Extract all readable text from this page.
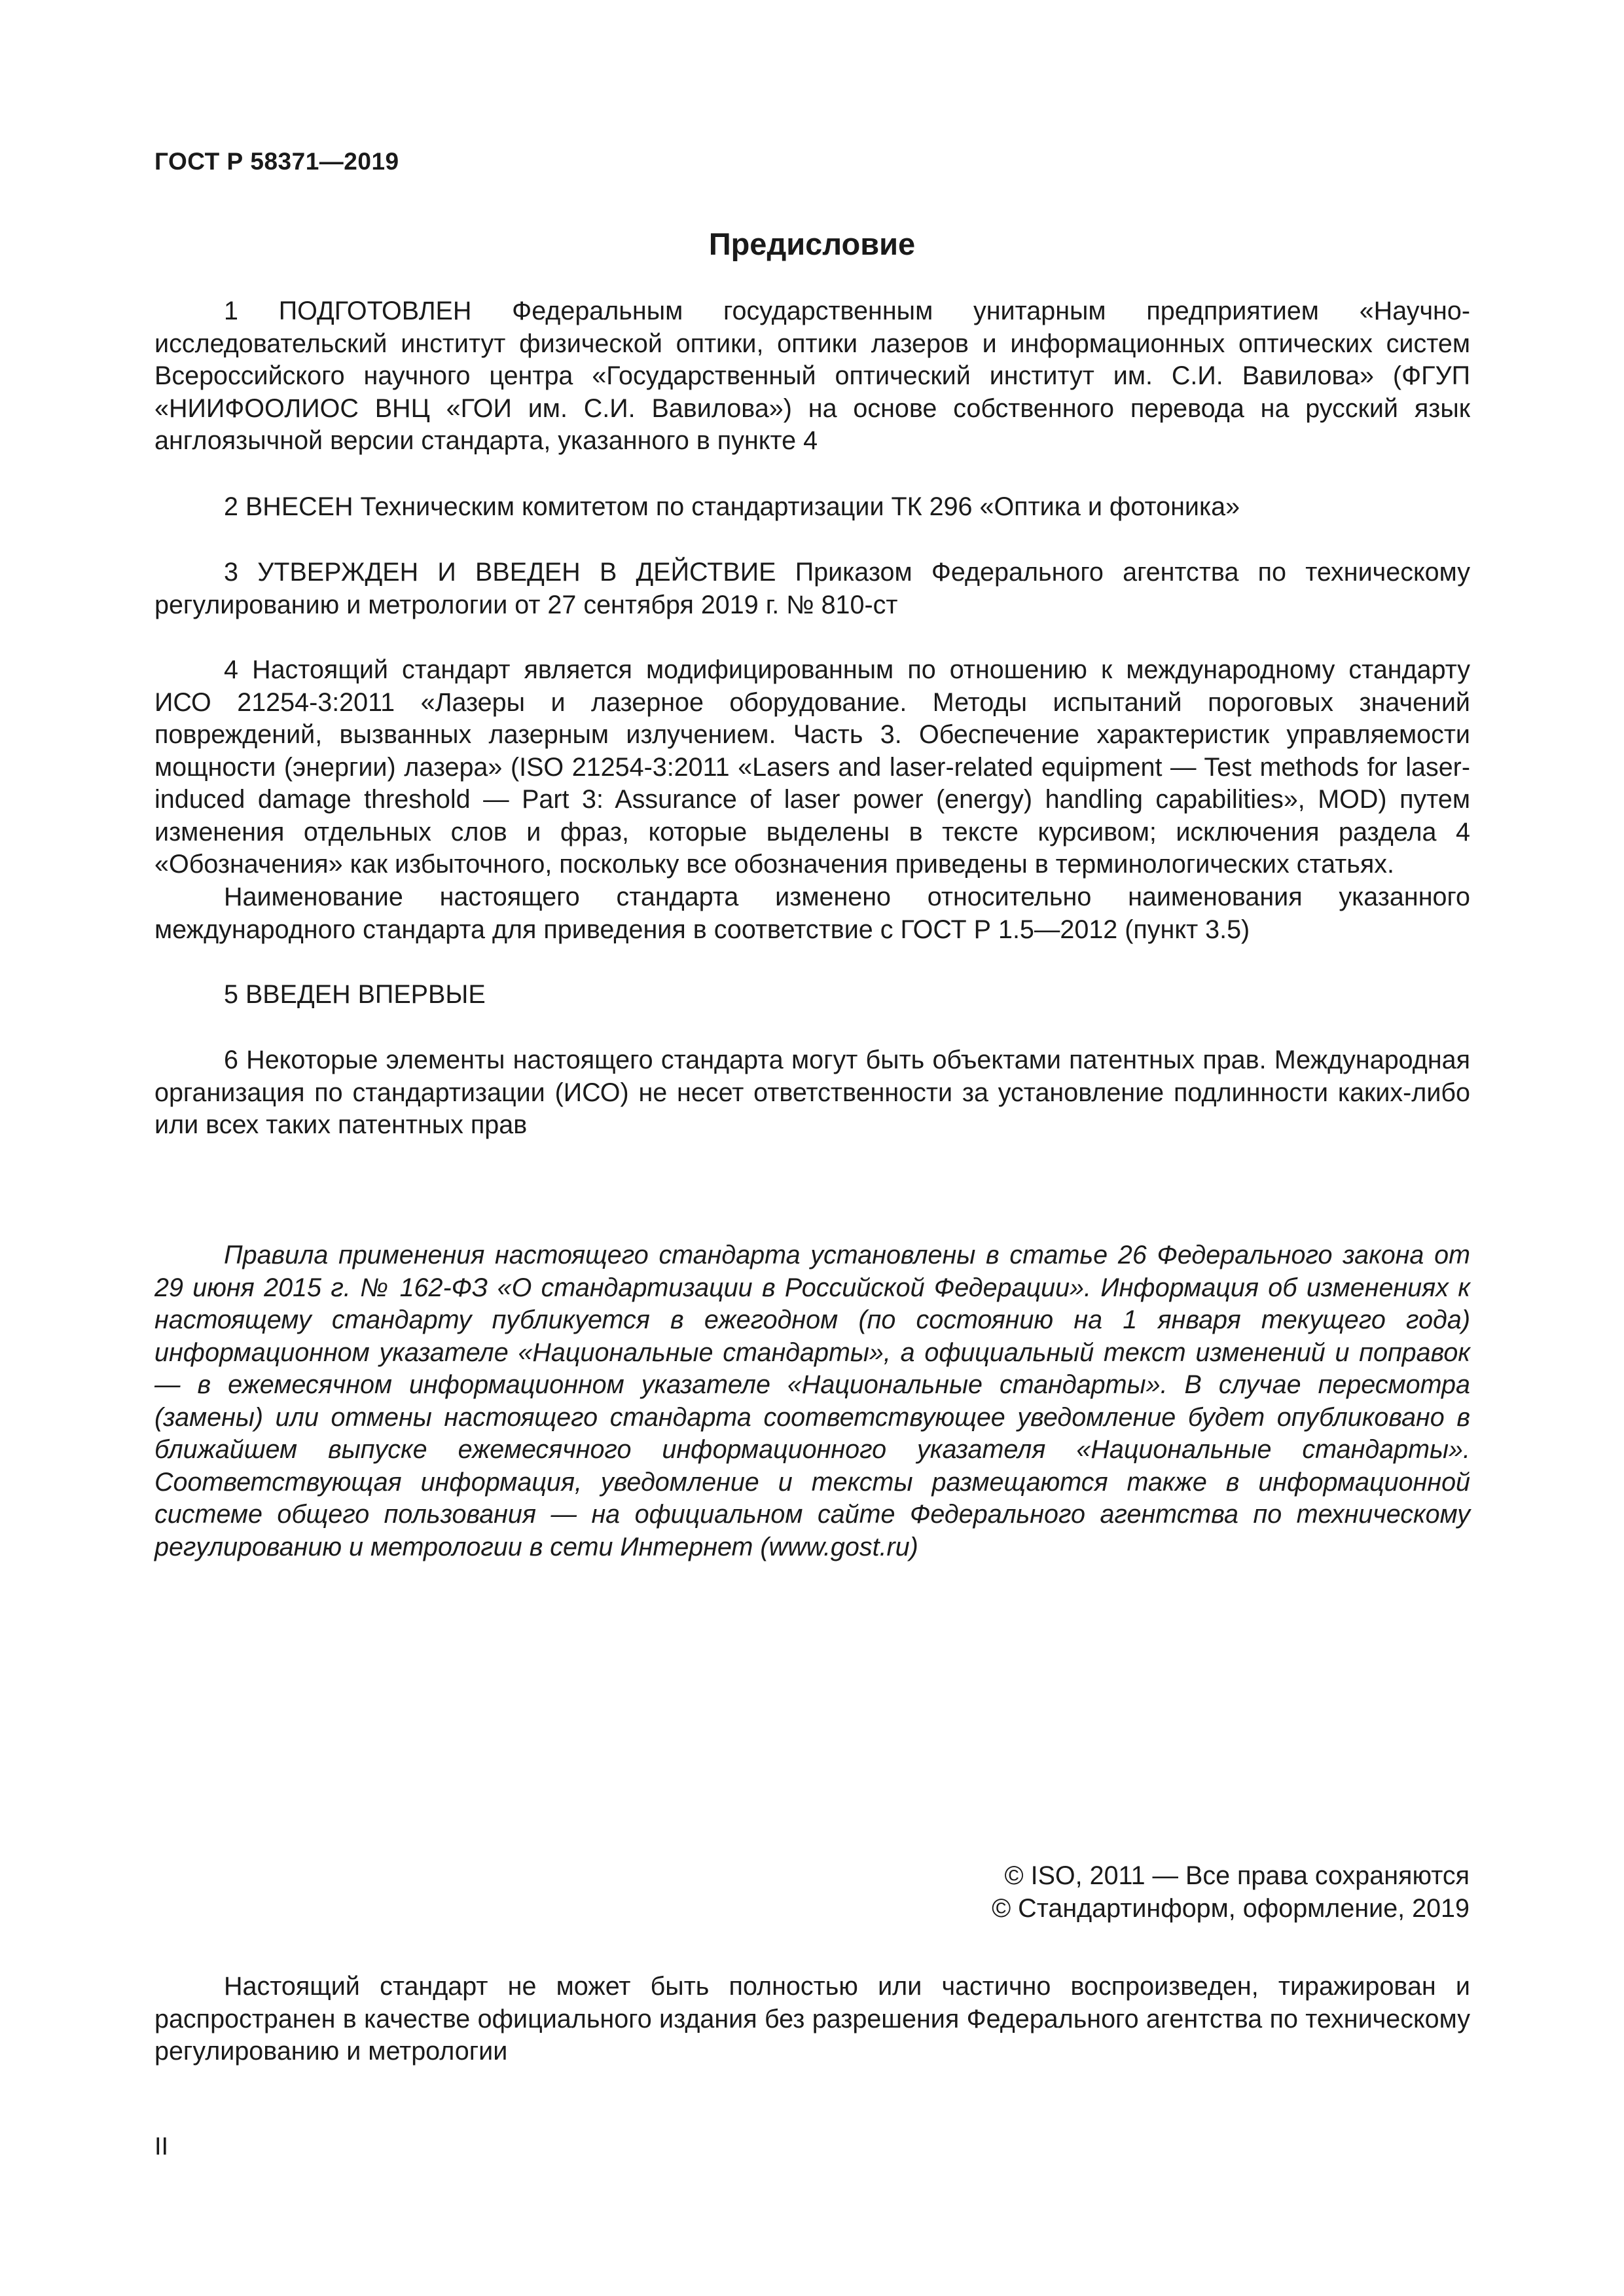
ГОСТ Р 58371—2019
Предисловие

1 ПОДГОТОВЛЕН Федеральным государственным унитарным предприятием «Научно-исследовательский институт физической оптики, оптики лазеров и информационных оптических систем Всероссийского научного центра «Государственный оптический институт им. С.И. Вавилова» (ФГУП «НИИФООЛИОС ВНЦ «ГОИ им. С.И. Вавилова») на основе собственного перевода на русский язык англоязычной версии стандарта, указанного в пункте 4

2 ВНЕСЕН Техническим комитетом по стандартизации ТК 296 «Оптика и фотоника»

3 УТВЕРЖДЕН И ВВЕДЕН В ДЕЙСТВИЕ Приказом Федерального агентства по техническому регулированию и метрологии от 27 сентября 2019 г. № 810-ст

4 Настоящий стандарт является модифицированным по отношению к международному стандарту ИСО 21254-3:2011 «Лазеры и лазерное оборудование. Методы испытаний пороговых значений повреждений, вызванных лазерным излучением. Часть 3. Обеспечение характеристик управляемости мощности (энергии) лазера» (ISO 21254-3:2011 «Lasers and laser-related equipment — Test methods for laser-induced damage threshold — Part 3: Assurance of laser power (energy) handling capabilities», MOD) путем изменения отдельных слов и фраз, которые выделены в тексте курсивом; исключения раздела 4 «Обозначения» как избыточного, поскольку все обозначения приведены в терминологических статьях.

Наименование настоящего стандарта изменено относительно наименования указанного международного стандарта для приведения в соответствие с ГОСТ Р 1.5—2012 (пункт 3.5)

5 ВВЕДЕН ВПЕРВЫЕ

6 Некоторые элементы настоящего стандарта могут быть объектами патентных прав. Международная организация по стандартизации (ИСО) не несет ответственности за установление подлинности каких-либо или всех таких патентных прав

Правила применения настоящего стандарта установлены в статье 26 Федерального закона от 29 июня 2015 г. № 162-ФЗ «О стандартизации в Российской Федерации». Информация об изменениях к настоящему стандарту публикуется в ежегодном (по состоянию на 1 января текущего года) информационном указателе «Национальные стандарты», а официальный текст изменений и поправок — в ежемесячном информационном указателе «Национальные стандарты». В случае пересмотра (замены) или отмены настоящего стандарта соответствующее уведомление будет опубликовано в ближайшем выпуске ежемесячного информационного указателя «Национальные стандарты». Соответствующая информация, уведомление и тексты размещаются также в информационной системе общего пользования — на официальном сайте Федерального агентства по техническому регулированию и метрологии в сети Интернет (www.gost.ru)

© ISO, 2011 — Все права сохраняются

© Стандартинформ, оформление, 2019

Настоящий стандарт не может быть полностью или частично воспроизведен, тиражирован и распространен в качестве официального издания без разрешения Федерального агентства по техническому регулированию и метрологии

II
